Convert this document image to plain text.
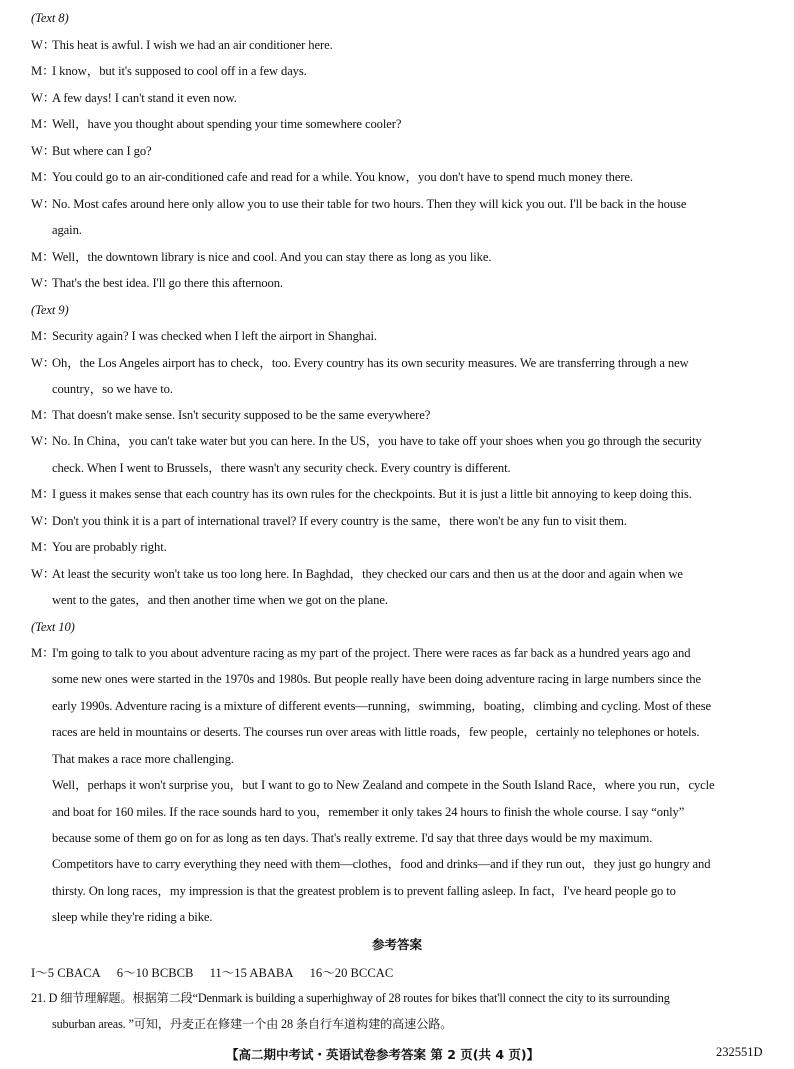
(Text 8)
W：This heat is awful. I wish we had an air conditioner here.
M：I know，but it's supposed to cool off in a few days.
W：A few days! I can't stand it even now.
M：Well，have you thought about spending your time somewhere cooler?
W：But where can I go?
M：You could go to an air-conditioned cafe and read for a while. You know，you don't have to spend much money there.
W：No. Most cafes around here only allow you to use their table for two hours. Then they will kick you out. I'll be back in the house
again.
M：Well，the downtown library is nice and cool. And you can stay there as long as you like.
W：That's the best idea. I'll go there this afternoon.
(Text 9)
M：Security again? I was checked when I left the airport in Shanghai.
W：Oh，the Los Angeles airport has to check，too. Every country has its own security measures. We are transferring through a new
country，so we have to.
M：That doesn't make sense. Isn't security supposed to be the same everywhere?
W：No. In China，you can't take water but you can here. In the US，you have to take off your shoes when you go through the security
check. When I went to Brussels，there wasn't any security check. Every country is different.
M：I guess it makes sense that each country has its own rules for the checkpoints. But it is just a little bit annoying to keep doing this.
W：Don't you think it is a part of international travel? If every country is the same，there won't be any fun to visit them.
M：You are probably right.
W：At least the security won't take us too long here. In Baghdad，they checked our cars and then us at the door and again when we
went to the gates，and then another time when we got on the plane.
(Text 10)
M：I'm going to talk to you about adventure racing as my part of the project. There were races as far back as a hundred years ago and
some new ones were started in the 1970s and 1980s. But people really have been doing adventure racing in large numbers since the
early 1990s. Adventure racing is a mixture of different events—running，swimming，boating，climbing and cycling. Most of these
races are held in mountains or deserts. The courses run over areas with little roads，few people，certainly no telephones or hotels.
That makes a race more challenging.
Well，perhaps it won't surprise you，but I want to go to New Zealand and compete in the South Island Race，where you run，cycle
and boat for 160 miles. If the race sounds hard to you，remember it only takes 24 hours to finish the whole course. I say “only”
because some of them go on for as long as ten days. That's really extreme. I'd say that three days would be my maximum.
Competitors have to carry everything they need with them—clothes，food and drinks—and if they run out，they just go hungry and
thirsty. On long races，my impression is that the greatest problem is to prevent falling asleep. In fact，I've heard people go to
sleep while they're riding a bike.
参考答案
I～5 CBACA 6～10 BCBCB 11～15 ABABA 16～20 BCCAC
21. D 细节理解题。根据第二段“Denmark is building a superhighway of 28 routes for bikes that'll connect the city to its surrounding
suburban areas. ”可知，丹麦正在修建一个由 28 条自行车道构建的高速公路。
【高二期中考试・英语试卷参考答案 第 2 页(共 4 页)】	232551D
